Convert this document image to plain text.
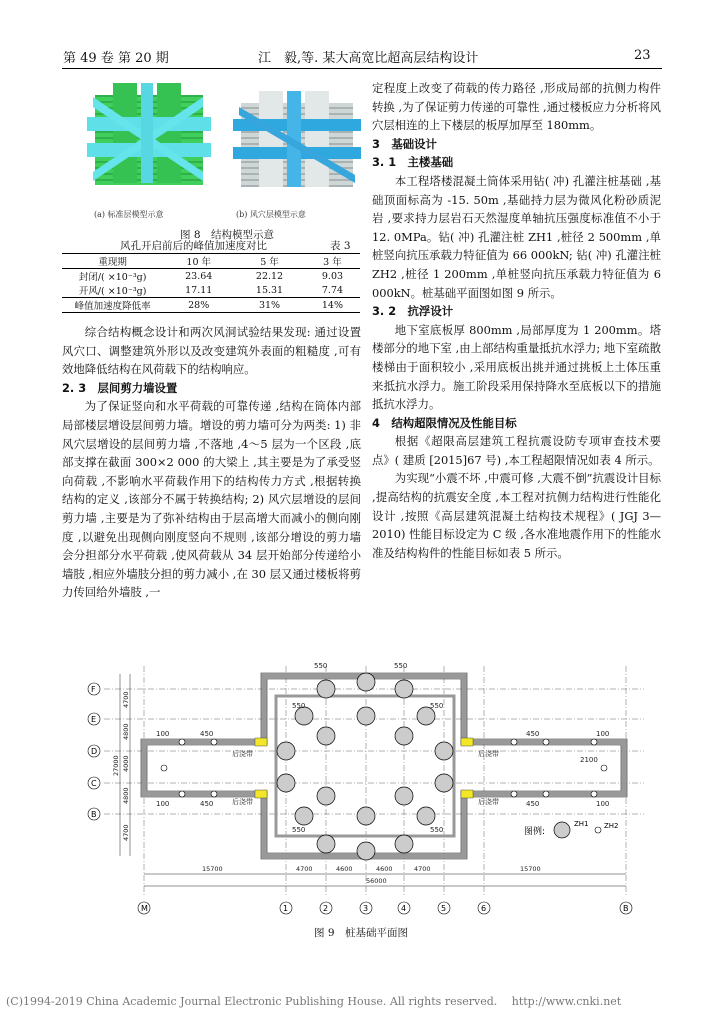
第 49 卷 第 20 期	江　毅,等. 某大高宽比超高层结构设计	23
(a) 标准层模型示意	(b) 风穴层模型示意
图 8　结构模型示意
风孔开启前后的峰值加速度对比	表 3
重现期	10 年	5 年	3 年
封闭/( ×10⁻³g)	23.64	22.12	9.03
开风/( ×10⁻³g)	17.11	15.31	7.74
峰值加速度降低率	28%	31%	14%

综合结构概念设计和两次风洞试验结果发现: 通过设置风穴口、调整建筑外形以及改变建筑外表面的粗糙度 ,可有效地降低结构在风荷载下的结构响应。

2. 3　层间剪力墙设置

为了保证竖向和水平荷载的可靠传递 ,结构在筒体内部局部楼层增设层间剪力墙。增设的剪力墙可分为两类: 1) 非风穴层增设的层间剪力墙 ,不落地 ,4～5 层为一个区段 ,底部支撑在截面 300×2 000 的大梁上 ,其主要是为了承受竖向荷载 ,不影响水平荷载作用下的结构传力方式 ,根据转换结构的定义 ,该部分不属于转换结构; 2) 风穴层增设的层间剪力墙 ,主要是为了弥补结构由于层高增大而减小的侧向刚度 ,以避免出现侧向刚度竖向不规则 ,该部分增设的剪力墙会分担部分水平荷载 ,使风荷载从 34 层开始部分传递给小墙肢 ,相应外墙肢分担的剪力减小 ,在 30 层又通过楼板将剪力传回给外墙肢 ,一

定程度上改变了荷载的传力路径 ,形成局部的抗侧力构件转换 ,为了保证剪力传递的可靠性 ,通过楼板应力分析将风穴层相连的上下楼层的板厚加厚至 180mm。

3　基础设计

3. 1　主楼基础

本工程塔楼混凝土筒体采用钻( 冲) 孔灌注桩基础 ,基础顶面标高为 -15. 50m ,基础持力层为微风化粉砂质泥岩 ,要求持力层岩石天然湿度单轴抗压强度标准值不小于 12. 0MPa。钻( 冲) 孔灌注桩 ZH1 ,桩径 2 500mm ,单桩竖向抗压承载力特征值为 66 000kN; 钻( 冲) 孔灌注桩 ZH2 ,桩径 1 200mm ,单桩竖向抗压承载力特征值为 6 000kN。桩基础平面图如图 9 所示。

3. 2　抗浮设计

地下室底板厚 800mm ,局部厚度为 1 200mm。塔楼部分的地下室 ,由上部结构重量抵抗水浮力; 地下室疏散楼梯由于面积较小 ,采用底板出挑并通过挑板上土体压重来抵抗水浮力。施工阶段采用保持降水至底板以下的措施抵抗水浮力。

4　结构超限情况及性能目标

根据《超限高层建筑工程抗震设防专项审查技术要点》( 建质 [2015]67 号) ,本工程超限情况如表 4 所示。

为实现“小震不坏 ,中震可修 ,大震不倒”抗震设计目标 ,提高结构的抗震安全度 ,本工程对抗侧力结构进行性能化设计 ,按照《高层建筑混凝土结构技术规程》( JGJ 3—2010) 性能目标设定为 C 级 ,各水准地震作用下的性能水准及结构构件的性能目标如表 5 所示。

550	550
550	550
550	550
450
450
450
450
100
100
100
100
2100
后浇带
后浇带
后浇带
后浇带
图例:
ZH1 ZH2
F
E
D
C
B
4700
4800
4000
4800
4700
27000
15700	4700	4600	4600	4700	15700
56000
M	1	2	3	4	5	6	B
图 9　桩基础平面图
(C)1994-2019 China Academic Journal Electronic Publishing House. All rights reserved.　 http://www.cnki.net
